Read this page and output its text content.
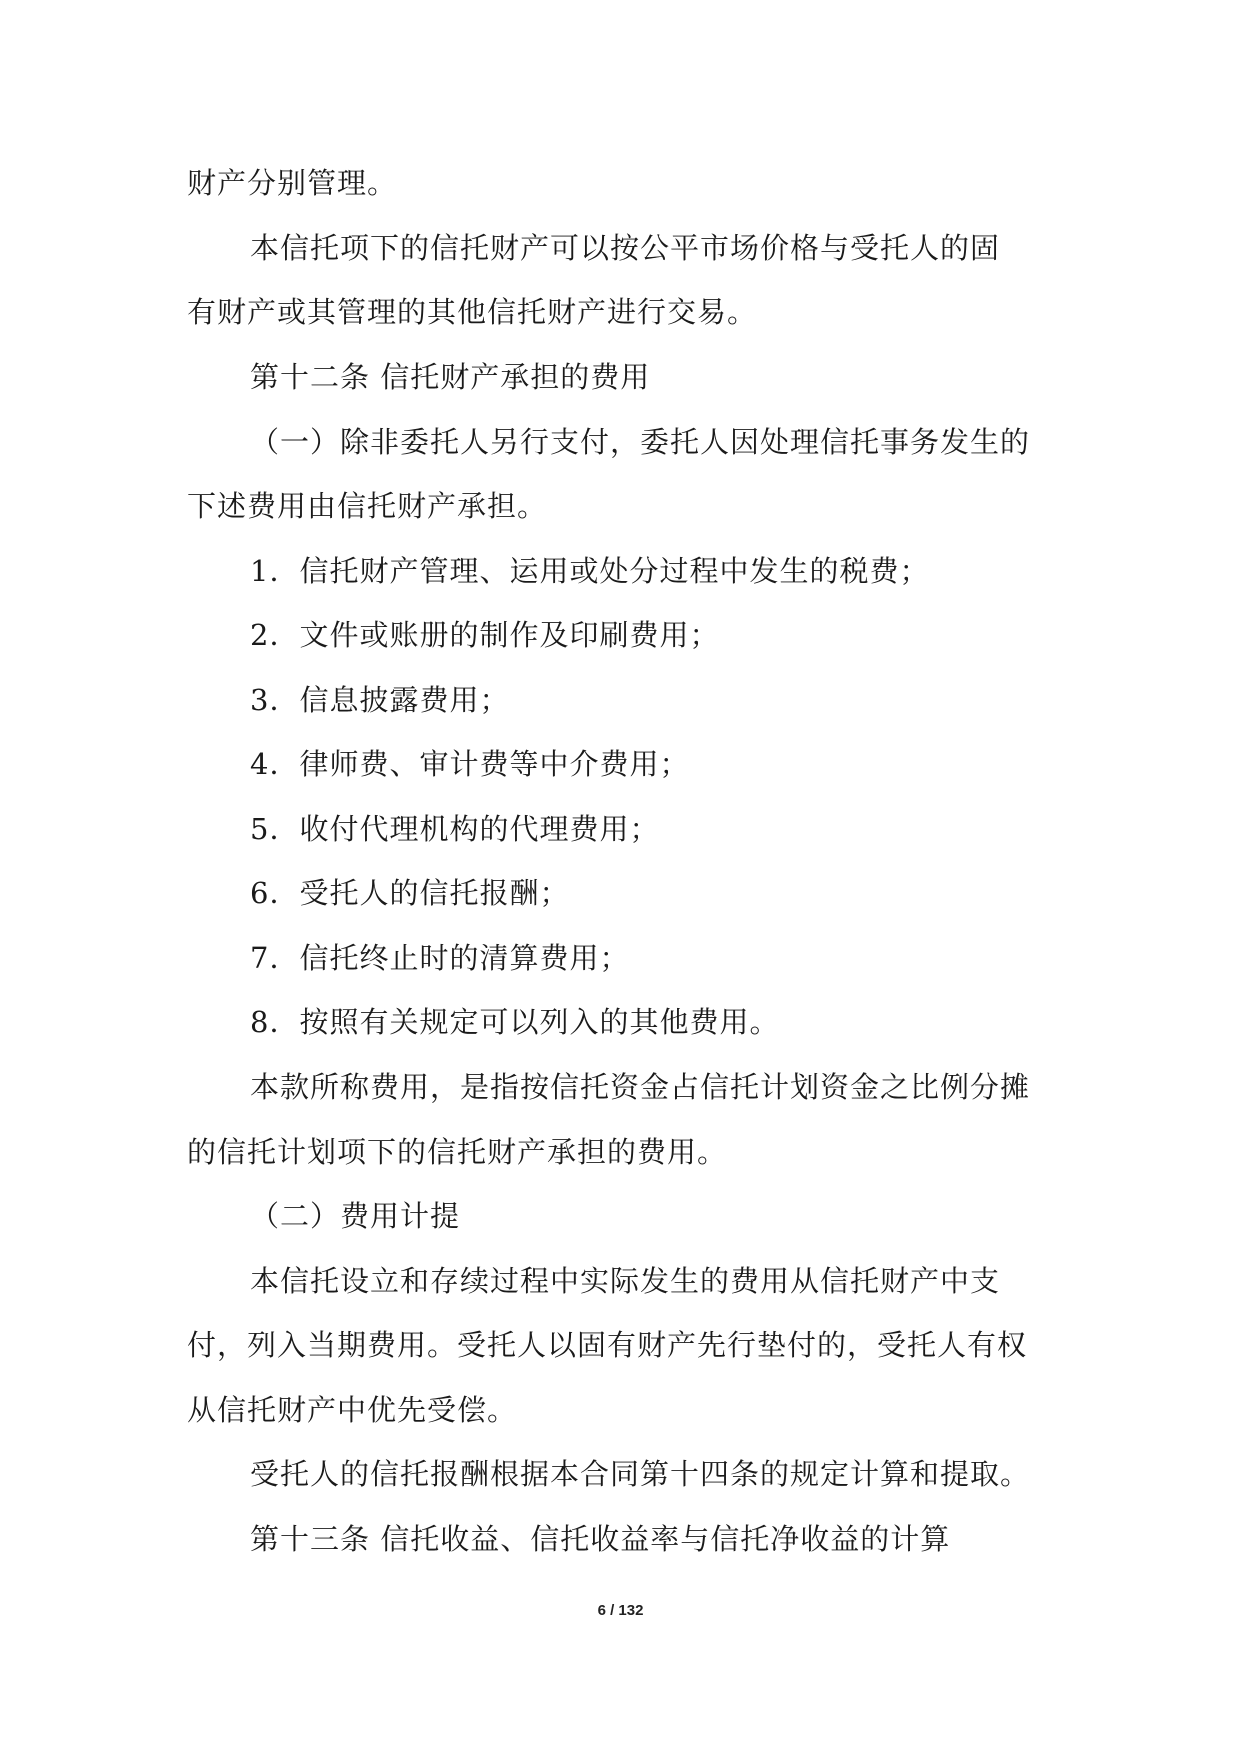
财产分别管理。
本信托项下的信托财产可以按公平市场价格与受托人的固
有财产或其管理的其他信托财产进行交易。
第十二条 信托财产承担的费用
（一）除非委托人另行支付，委托人因处理信托事务发生的
下述费用由信托财产承担。
1．信托财产管理、运用或处分过程中发生的税费；
2．文件或账册的制作及印刷费用；
3．信息披露费用；
4．律师费、审计费等中介费用；
5．收付代理机构的代理费用；
6．受托人的信托报酬；
7．信托终止时的清算费用；
8．按照有关规定可以列入的其他费用。
本款所称费用，是指按信托资金占信托计划资金之比例分摊
的信托计划项下的信托财产承担的费用。
（二）费用计提
本信托设立和存续过程中实际发生的费用从信托财产中支
付，列入当期费用。受托人以固有财产先行垫付的，受托人有权
从信托财产中优先受偿。
受托人的信托报酬根据本合同第十四条的规定计算和提取。
第十三条 信托收益、信托收益率与信托净收益的计算
6 / 132
